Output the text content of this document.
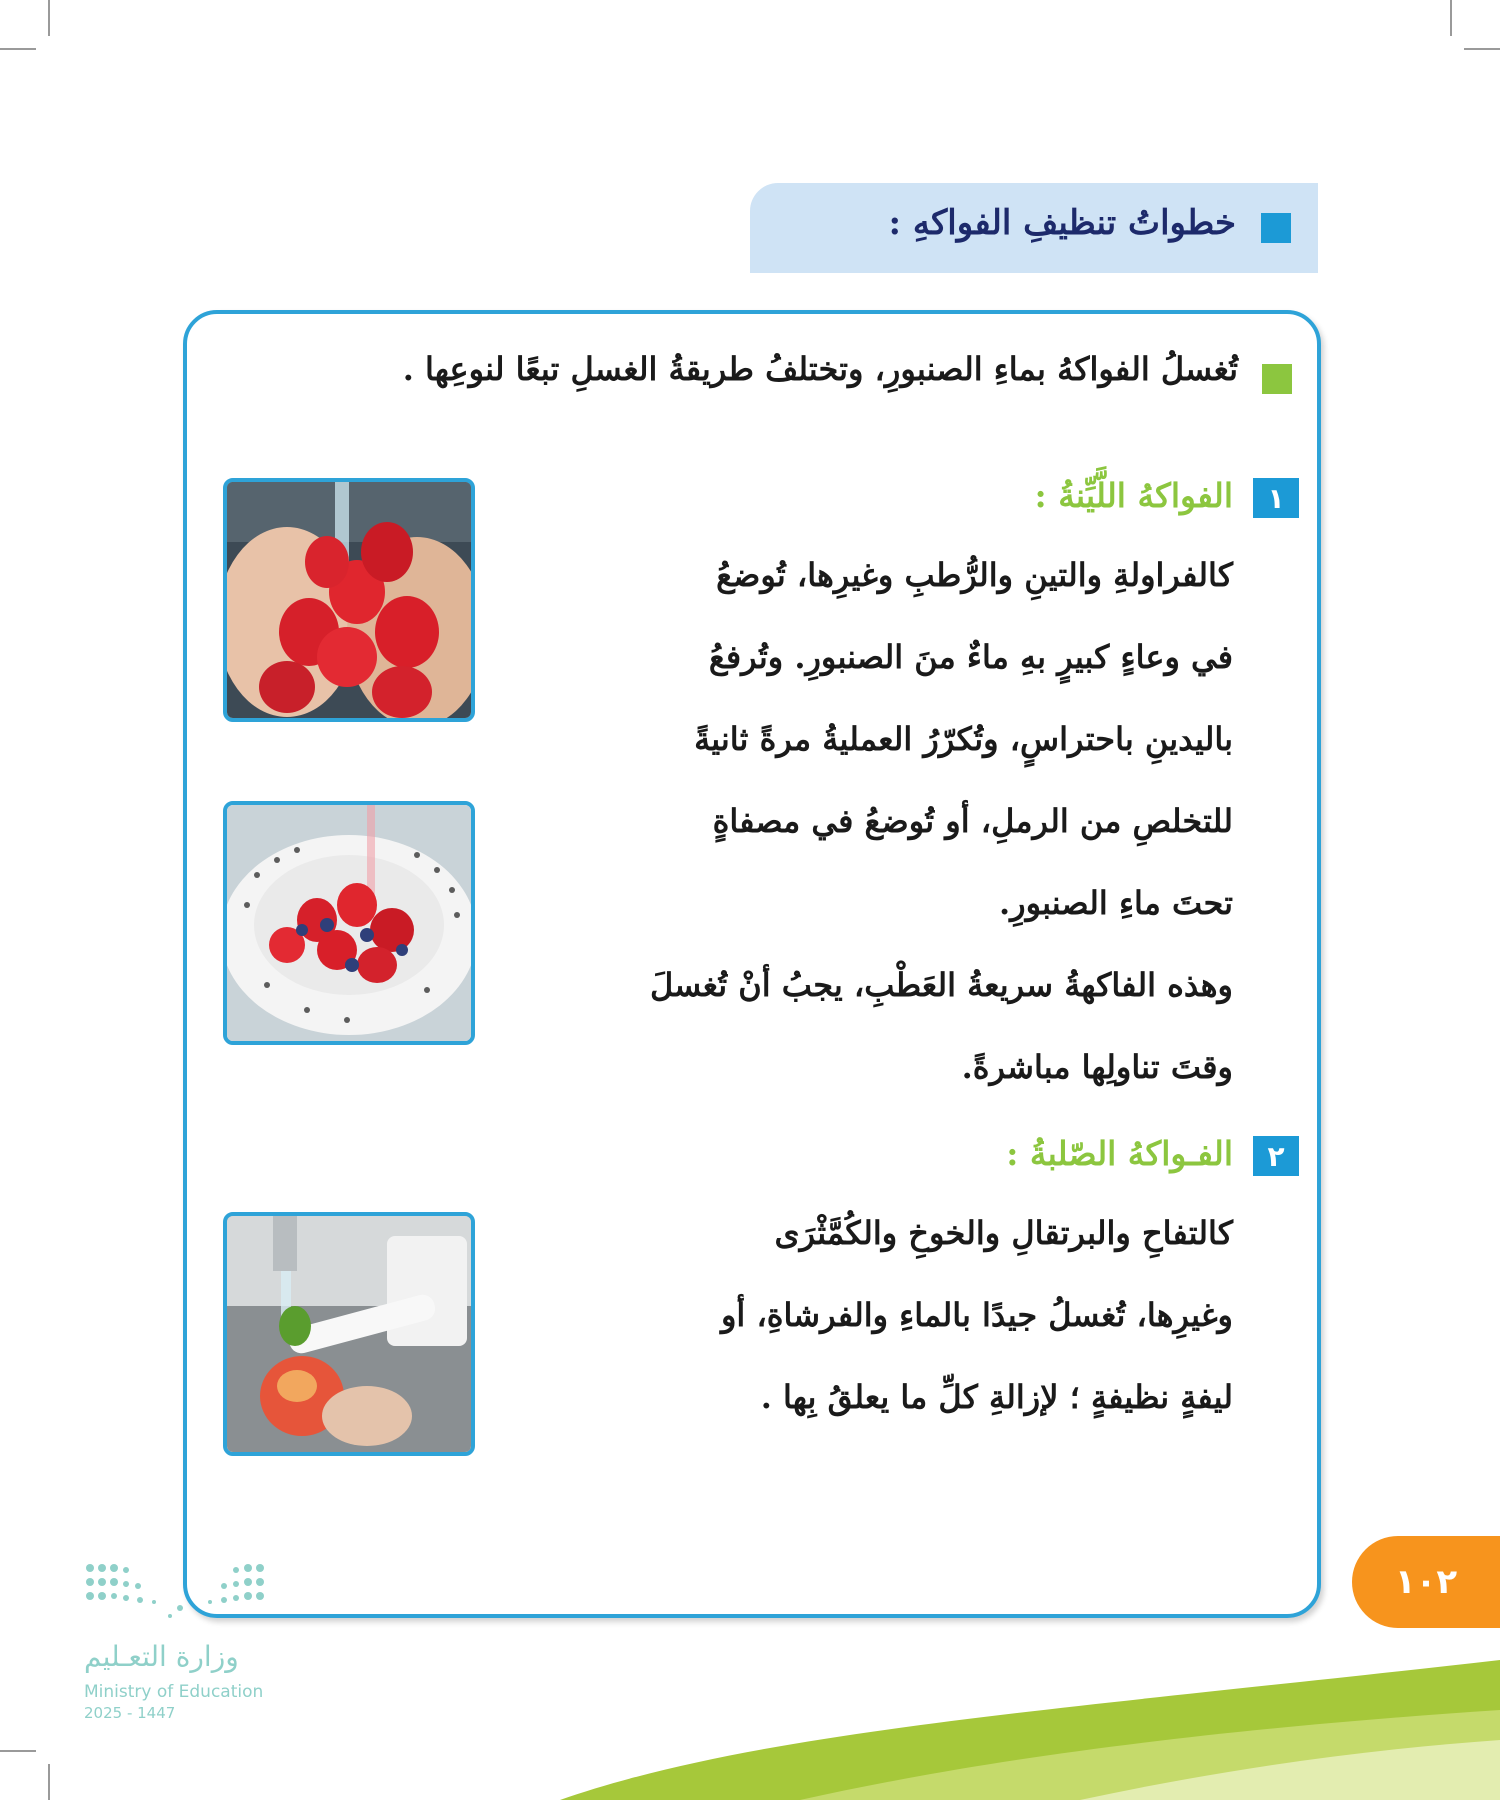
خطواتُ تنظيفِ الفواكهِ :
تُغسلُ الفواكهُ بماءِ الصنبورِ، وتختلفُ طريقةُ الغسلِ تبعًا لنوعِها .
١
الفواكهُ اللَّيِّنةُ :
كالفراولةِ والتينِ والرُّطبِ وغيرِها، تُوضعُ
في وعاءٍ كبيرٍ بهِ ماءٌ منَ الصنبورِ. وتُرفعُ
باليدينِ باحتراسٍ، وتُكرّرُ العمليةُ مرةً ثانيةً
للتخلصِ من الرملِ، أو تُوضعُ في مصفاةٍ
تحتَ ماءِ الصنبورِ.
وهذه الفاكهةُ سريعةُ العَطْبِ، يجبُ أنْ تُغسلَ
وقتَ تناولِها مباشرةً.
٢
الفـواكهُ الصّلبةُ :
كالتفاحِ والبرتقالِ والخوخِ والكُمَّثْرَى
وغيرِها، تُغسلُ جيدًا بالماءِ والفرشاةِ، أو
ليفةٍ نظيفةٍ ؛ لإزالةِ كلِّ ما يعلقُ بِها .
١٠٢
وزارة التعـليم
Ministry of Education
2025 - 1447
